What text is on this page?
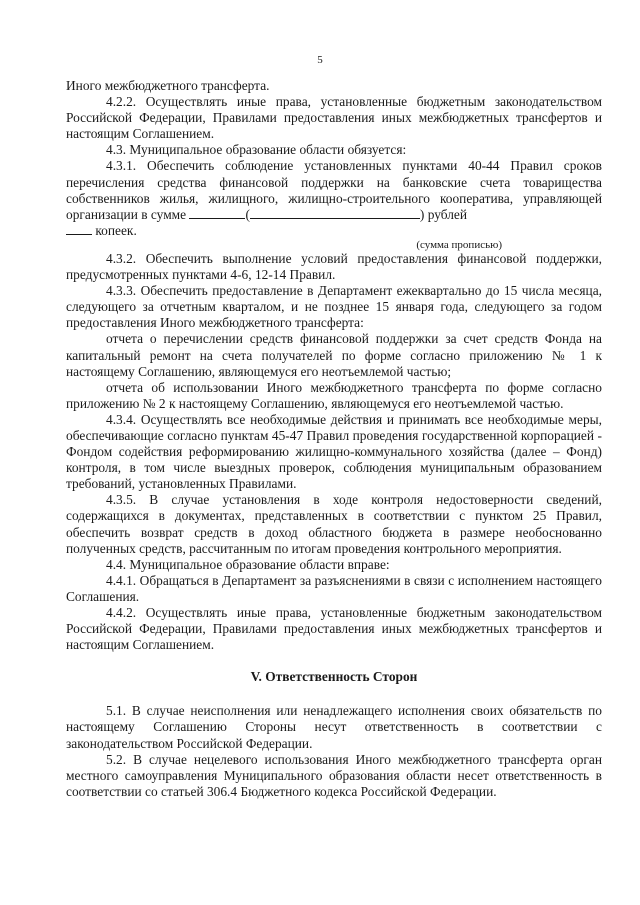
5

Иного межбюджетного трансферта.

4.2.2. Осуществлять иные права, установленные бюджетным законодательством Российской Федерации, Правилами предоставления иных межбюджетных трансфертов и настоящим Соглашением.

4.3. Муниципальное образование области обязуется:

4.3.1. Обеспечить соблюдение установленных пунктами 40-44 Правил сроков перечисления средства финансовой поддержки на банковские счета товарищества собственников жилья, жилищного, жилищно-строительного кооператива, управляющей организации в сумме	(	) рублей
копеек.

(сумма прописью)

4.3.2. Обеспечить выполнение условий предоставления финансовой поддержки, предусмотренных пунктами 4-6, 12-14 Правил.

4.3.3. Обеспечить предоставление в Департамент ежеквартально до 15 числа месяца, следующего за отчетным кварталом, и не позднее 15 января года, следующего за годом предоставления Иного межбюджетного трансферта:

отчета о перечислении средств финансовой поддержки за счет средств Фонда на капитальный ремонт на счета получателей по форме согласно приложению № 1 к настоящему Соглашению, являющемуся его неотъемлемой частью;

отчета об использовании Иного межбюджетного трансферта по форме согласно приложению № 2 к настоящему Соглашению, являющемуся его неотъемлемой частью.

4.3.4. Осуществлять все необходимые действия и принимать все необходимые меры, обеспечивающие согласно пунктам 45-47 Правил проведения государственной корпорацией - Фондом содействия реформированию жилищно-коммунального хозяйства (далее – Фонд) контроля, в том числе выездных проверок, соблюдения муниципальным образованием требований, установленных Правилами.

4.3.5. В случае установления в ходе контроля недостоверности сведений, содержащихся в документах, представленных в соответствии с пунктом 25 Правил, обеспечить возврат средств в доход областного бюджета в размере необоснованно полученных средств, рассчитанным по итогам проведения контрольного мероприятия.

4.4. Муниципальное образование области вправе:

4.4.1. Обращаться в Департамент за разъяснениями в связи с исполнением настоящего Соглашения.

4.4.2. Осуществлять иные права, установленные бюджетным законодательством Российской Федерации, Правилами предоставления иных межбюджетных трансфертов и настоящим Соглашением.

V. Ответственность Сторон

5.1. В случае неисполнения или ненадлежащего исполнения своих обязательств по настоящему Соглашению Стороны несут ответственность в соответствии с законодательством Российской Федерации.

5.2. В случае нецелевого использования Иного межбюджетного трансферта орган местного самоуправления Муниципального образования области несет ответственность в соответствии со статьей 306.4 Бюджетного кодекса Российской Федерации.
